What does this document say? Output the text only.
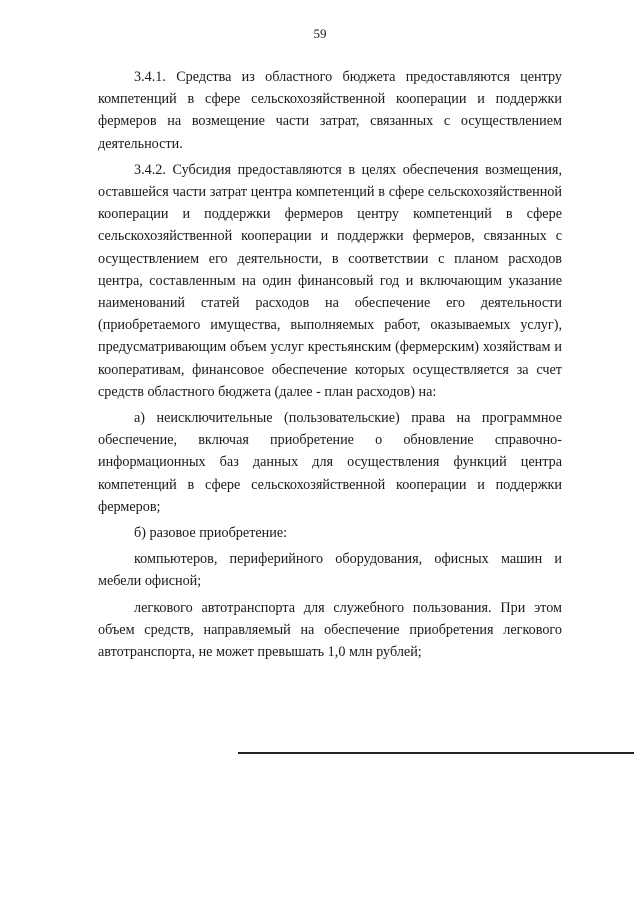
59

3.4.1. Средства из областного бюджета предоставляются центру компетенций в сфере сельскохозяйственной кооперации и поддержки фермеров на возмещение части затрат, связанных с осуществлением деятельности.

3.4.2. Субсидия предоставляются в целях обеспечения возмещения, оставшейся части затрат центра компетенций в сфере сельскохозяйственной кооперации и поддержки фермеров центру компетенций в сфере сельскохозяйственной кооперации и поддержки фермеров, связанных с осуществлением его деятельности, в соответствии с планом расходов центра, составленным на один финансовый год и включающим указание наименований статей расходов на обеспечение его деятельности (приобретаемого имущества, выполняемых работ, оказываемых услуг), предусматривающим объем услуг крестьянским (фермерским) хозяйствам и кооперативам, финансовое обеспечение которых осуществляется за счет средств областного бюджета (далее - план расходов) на:

а) неисключительные (пользовательские) права на программное обеспечение, включая приобретение о обновление справочно-информационных баз данных для осуществления функций центра компетенций в сфере сельскохозяйственной кооперации и поддержки фермеров;

б) разовое приобретение:

компьютеров, периферийного оборудования, офисных машин и мебели офисной;

легкового автотранспорта для служебного пользования. При этом объем средств, направляемый на обеспечение приобретения легкового автотранспорта, не может превышать 1,0 млн рублей;
